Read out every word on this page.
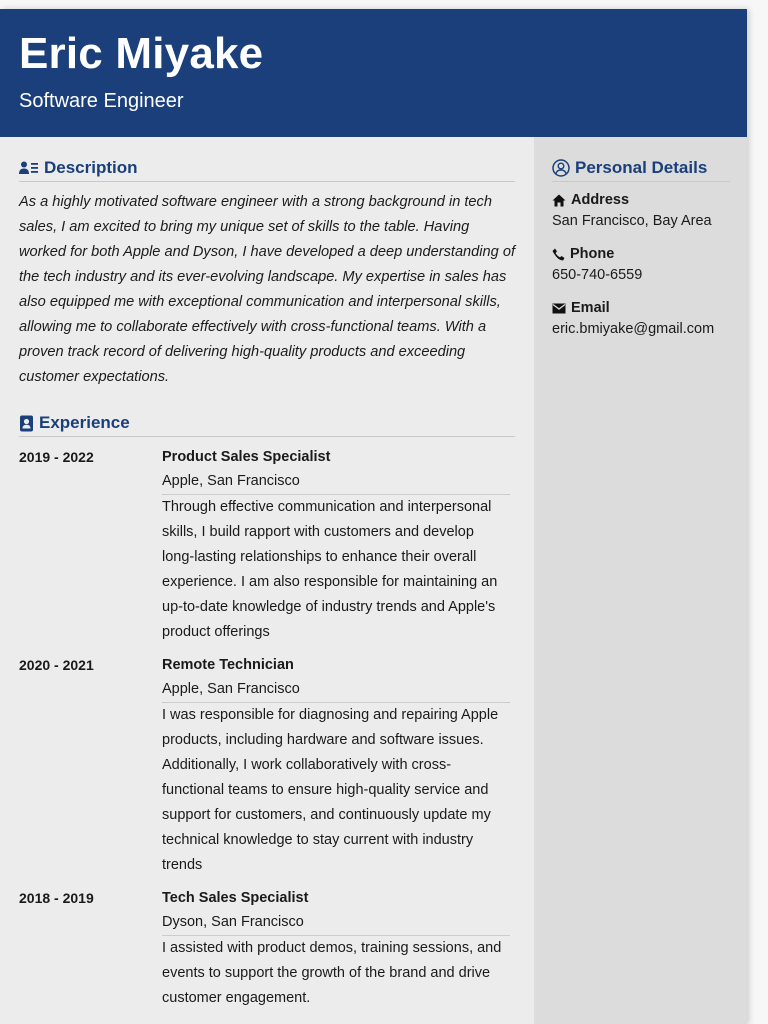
Eric Miyake
Software Engineer
Description
As a highly motivated software engineer with a strong background in tech sales, I am excited to bring my unique set of skills to the table. Having worked for both Apple and Dyson, I have developed a deep understanding of the tech industry and its ever-evolving landscape. My expertise in sales has also equipped me with exceptional communication and interpersonal skills, allowing me to collaborate effectively with cross-functional teams. With a proven track record of delivering high-quality products and exceeding customer expectations.
Experience
2019 - 2022	Product Sales Specialist
Apple, San Francisco
Through effective communication and interpersonal skills, I build rapport with customers and develop long-lasting relationships to enhance their overall experience. I am also responsible for maintaining an up-to-date knowledge of industry trends and Apple's product offerings
2020 - 2021	Remote Technician
Apple, San Francisco
I was responsible for diagnosing and repairing Apple products, including hardware and software issues. Additionally, I work collaboratively with cross-functional teams to ensure high-quality service and support for customers, and continuously update my technical knowledge to stay current with industry trends
2018 - 2019	Tech Sales Specialist
Dyson, San Francisco
I assisted with product demos, training sessions, and events to support the growth of the brand and drive customer engagement.
Personal Details
Address
San Francisco, Bay Area
Phone
650-740-6559
Email
eric.bmiyake@gmail.com
